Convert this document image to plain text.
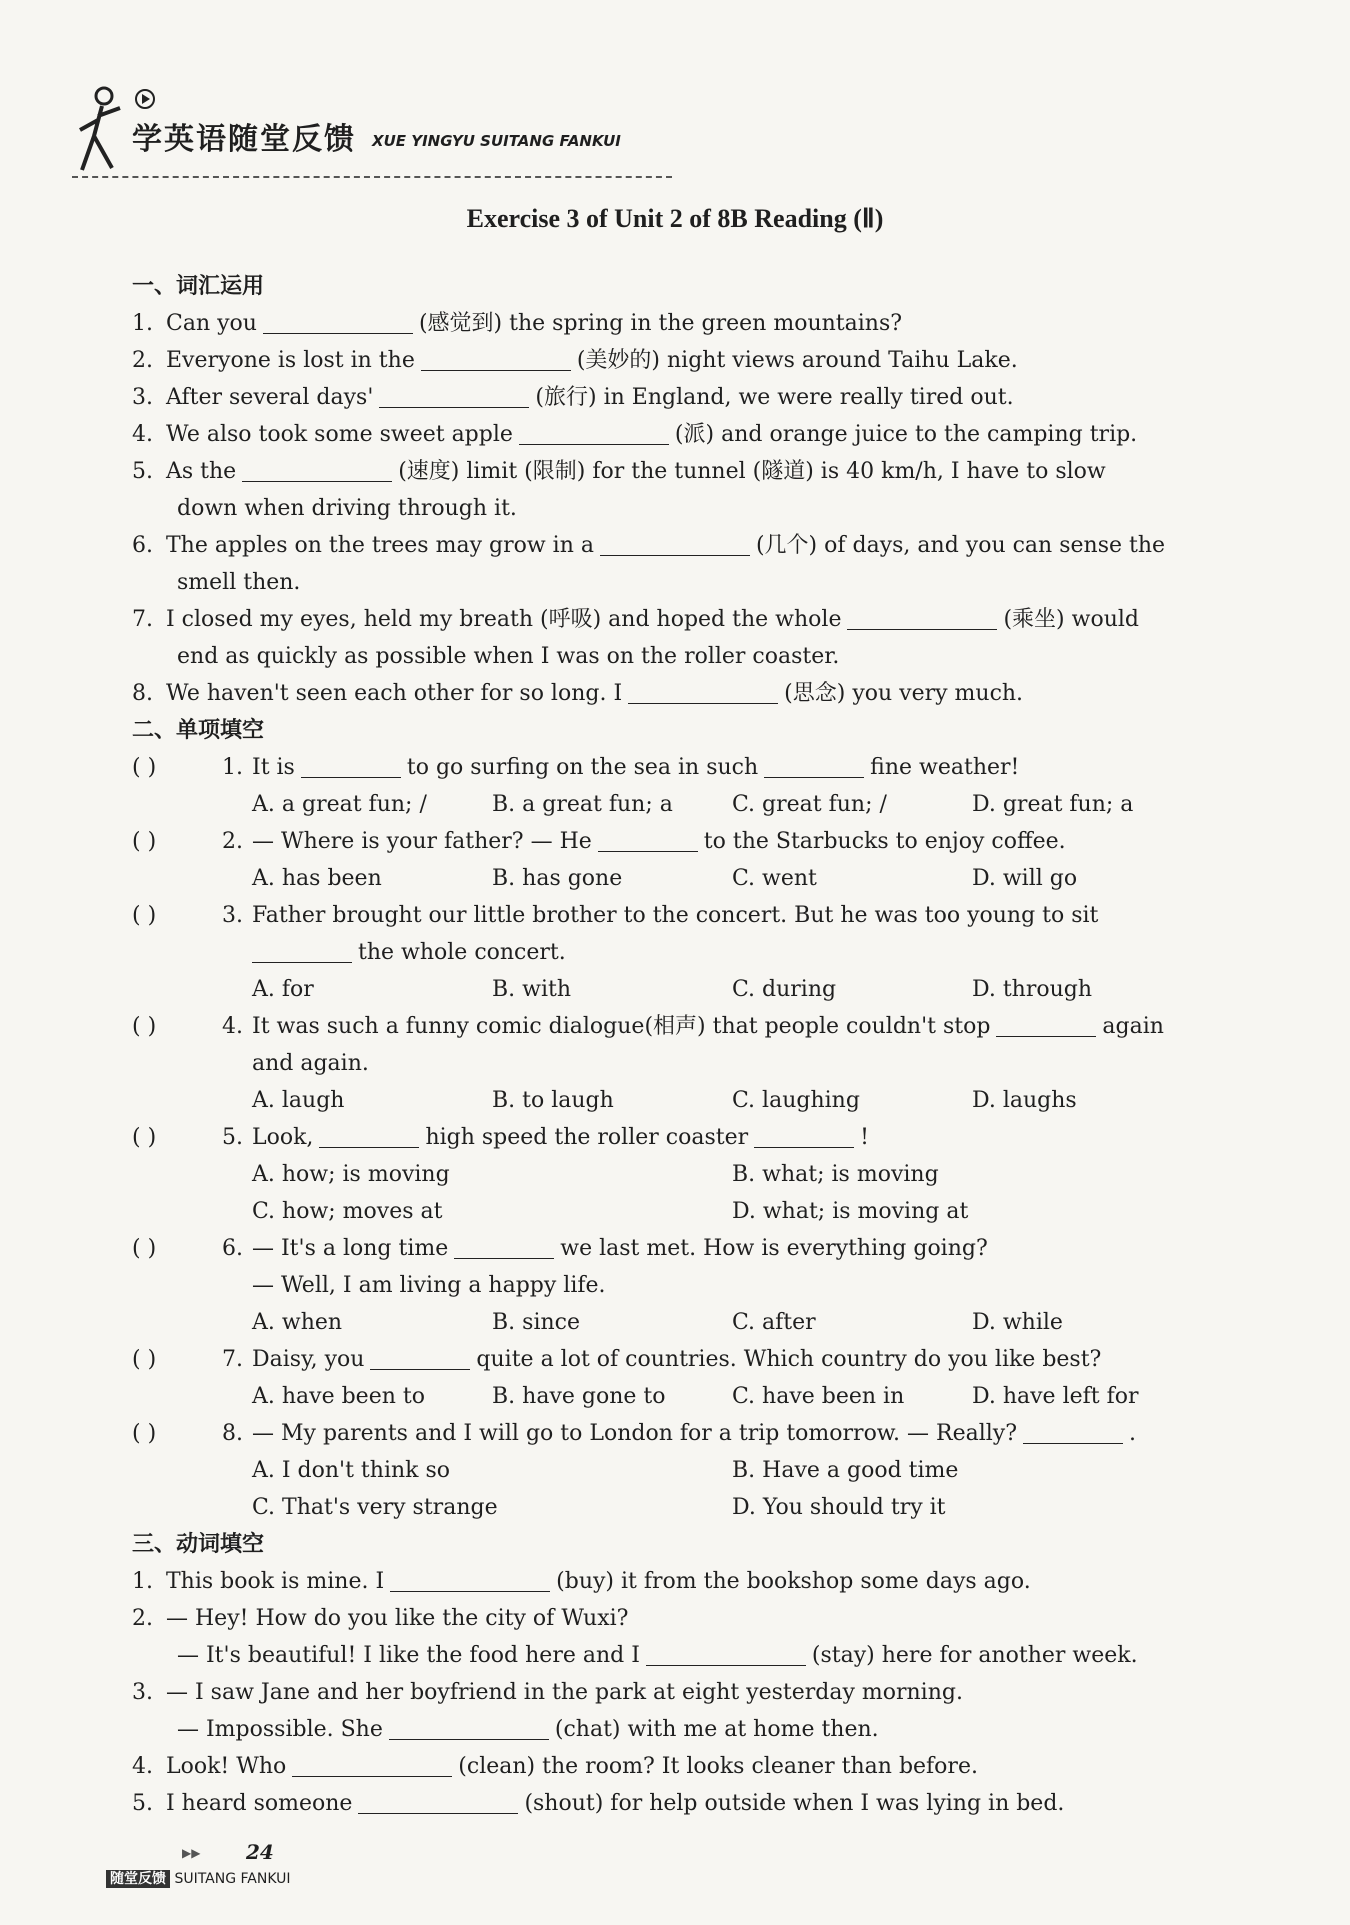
学英语随堂反馈 XUE YINGYU SUITANG FANKUI
Exercise 3 of Unit 2 of 8B Reading (Ⅱ)
一、词汇运用
1. Can you	(感觉到) the spring in the green mountains?
2. Everyone is lost in the	(美妙的) night views around Taihu Lake.
3. After several days'	(旅行) in England, we were really tired out.
4. We also took some sweet apple	(派) and orange juice to the camping trip.
5. As the	(速度) limit (限制) for the tunnel (隧道) is 40 km/h, I have to slow
down when driving through it.
6. The apples on the trees may grow in a	(几个) of days, and you can sense the
smell then.
7. I closed my eyes, held my breath (呼吸) and hoped the whole	(乘坐) would
end as quickly as possible when I was on the roller coaster.
8. We haven't seen each other for so long. I	(思念) you very much.
二、单项填空
( )	1. It is	to go surfing on the sea in such	fine weather!
A. a great fun; /	B. a great fun; a	C. great fun; /	D. great fun; a
( )	2. — Where is your father? — He	to the Starbucks to enjoy coffee.
A. has been	B. has gone	C. went	D. will go
( )	3. Father brought our little brother to the concert. But he was too young to sit
the whole concert.
A. for	B. with	C. during	D. through
( )	4. It was such a funny comic dialogue(相声) that people couldn't stop	again
and again.
A. laugh	B. to laugh	C. laughing	D. laughs
( )	5. Look,	high speed the roller coaster	!
A. how; is moving	B. what; is moving
C. how; moves at	D. what; is moving at
( )	6. — It's a long time	we last met. How is everything going?
— Well, I am living a happy life.
A. when	B. since	C. after	D. while
( )	7. Daisy, you	quite a lot of countries. Which country do you like best?
A. have been to	B. have gone to	C. have been in	D. have left for
( )	8. — My parents and I will go to London for a trip tomorrow. — Really?	.
A. I don't think so	B. Have a good time
C. That's very strange	D. You should try it
三、动词填空
1. This book is mine. I	(buy) it from the bookshop some days ago.
2. — Hey! How do you like the city of Wuxi?
— It's beautiful! I like the food here and I	(stay) here for another week.
3. — I saw Jane and her boyfriend in the park at eight yesterday morning.
— Impossible. She	(chat) with me at home then.
4. Look! Who	(clean) the room? It looks cleaner than before.
5. I heard someone	(shout) for help outside when I was lying in bed.
▶▶ 24
随堂反馈 SUITANG FANKUI
